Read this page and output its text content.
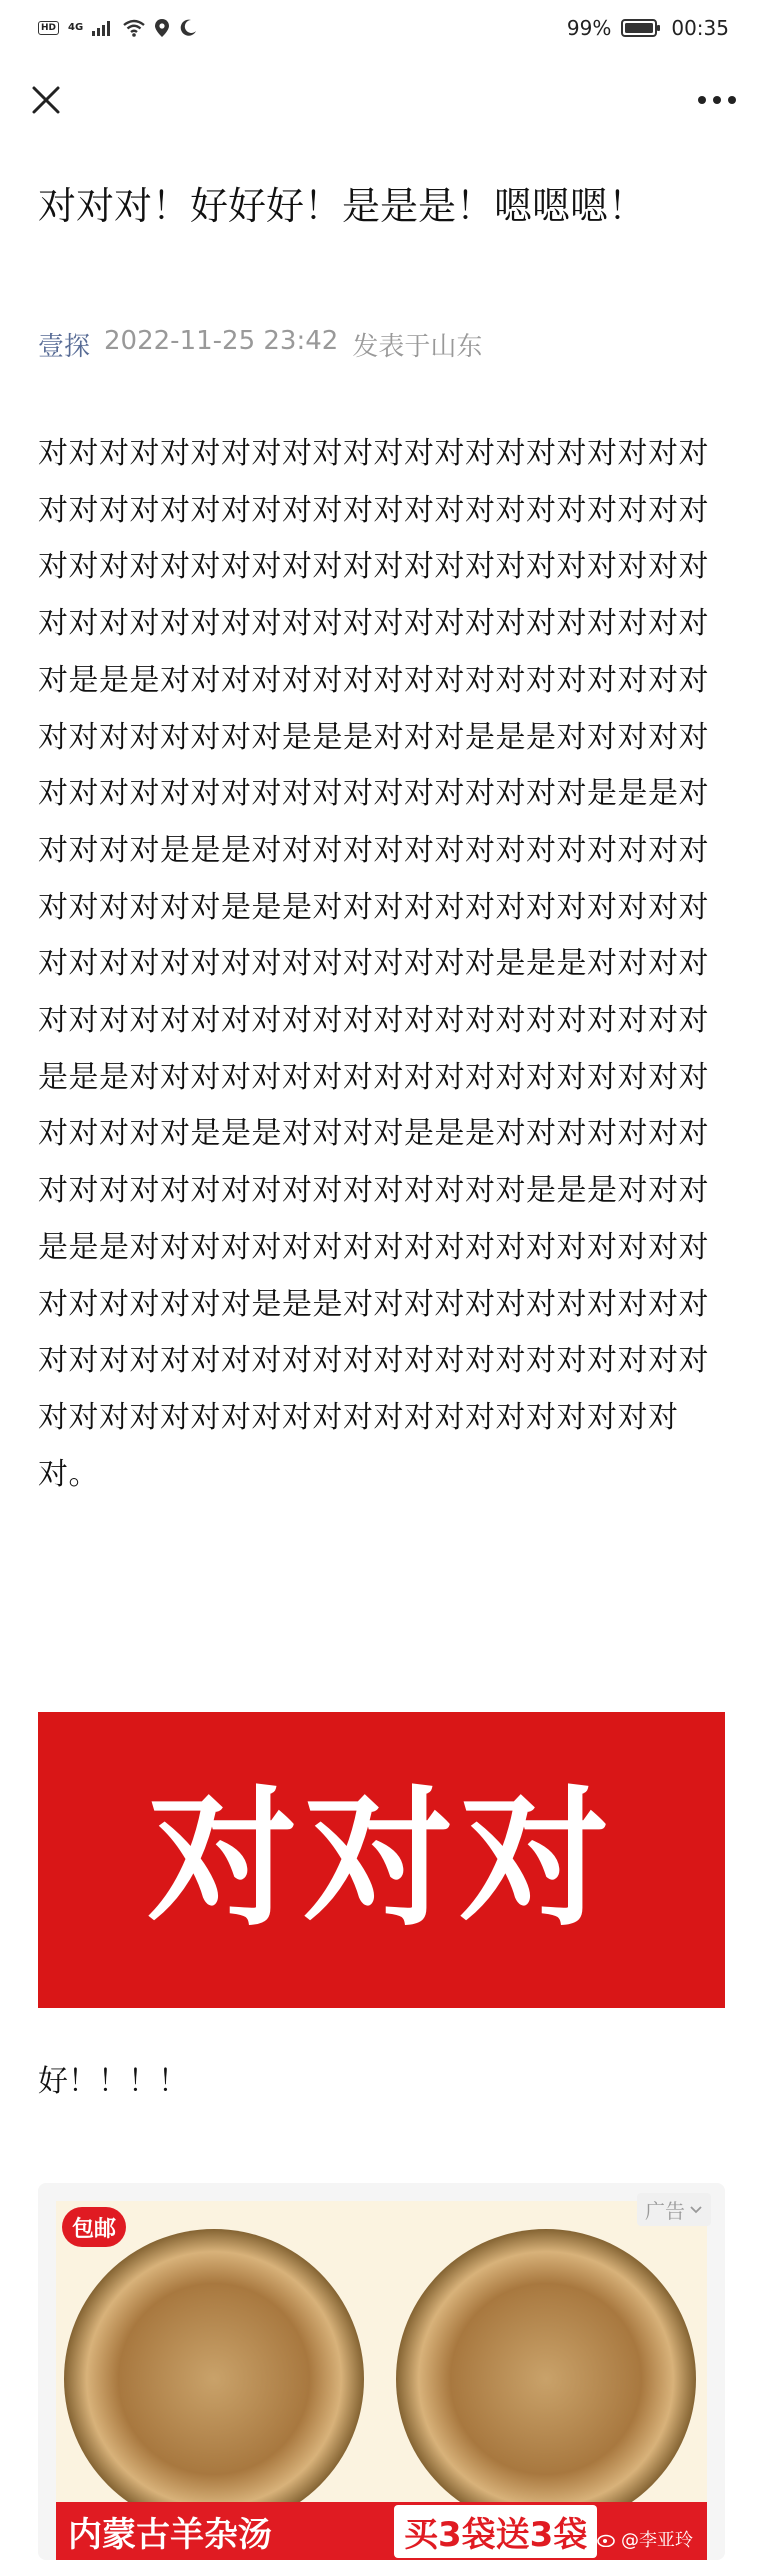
HD	4G	99%	00:35
对对对！好好好！是是是！嗯嗯嗯！
壹探 2022-11-25 23:42 发表于山东

对对对对对对对对对对对对对对对对对对对对对对对对对对对对对对对对对对对对对对对对对对对对对对对对对对对对对对对对对对对对对对对对对对对对对对对对对对对对对对对对对对对对对对对对对是是是对对对对对对对对对对对对对对对对对对对对对对对对对对是是是对对对是是是对对对对对对对对对对对对对对对对对对对对对对对是是是对对对对对是是是对对对对对对对对对对对对对对对对对对对对对是是是对对对对对对对对对对对对对对对对对对对对对对对对对对对对是是是对对对对对对对对对对对对对对对对对对对对对对对对对对是是是对对对对对对对对对对对对对对对对对对对对对对对对是是是对对对对是是是对对对对对对对对对对对对对对对对对对对对对对对是是是对对对是是是对对对对对对对对对对对对对对对对对对对对对对对对对对是是是对对对对对对对对对对对对对对对对对对对对对对对对对对对对对对对对对对对对对对对对对对对对对对对对对对对对对对对对。

对对对
好！！！！
包邮
内蒙古羊杂汤	买3袋送3袋	@李亚玲
广告
